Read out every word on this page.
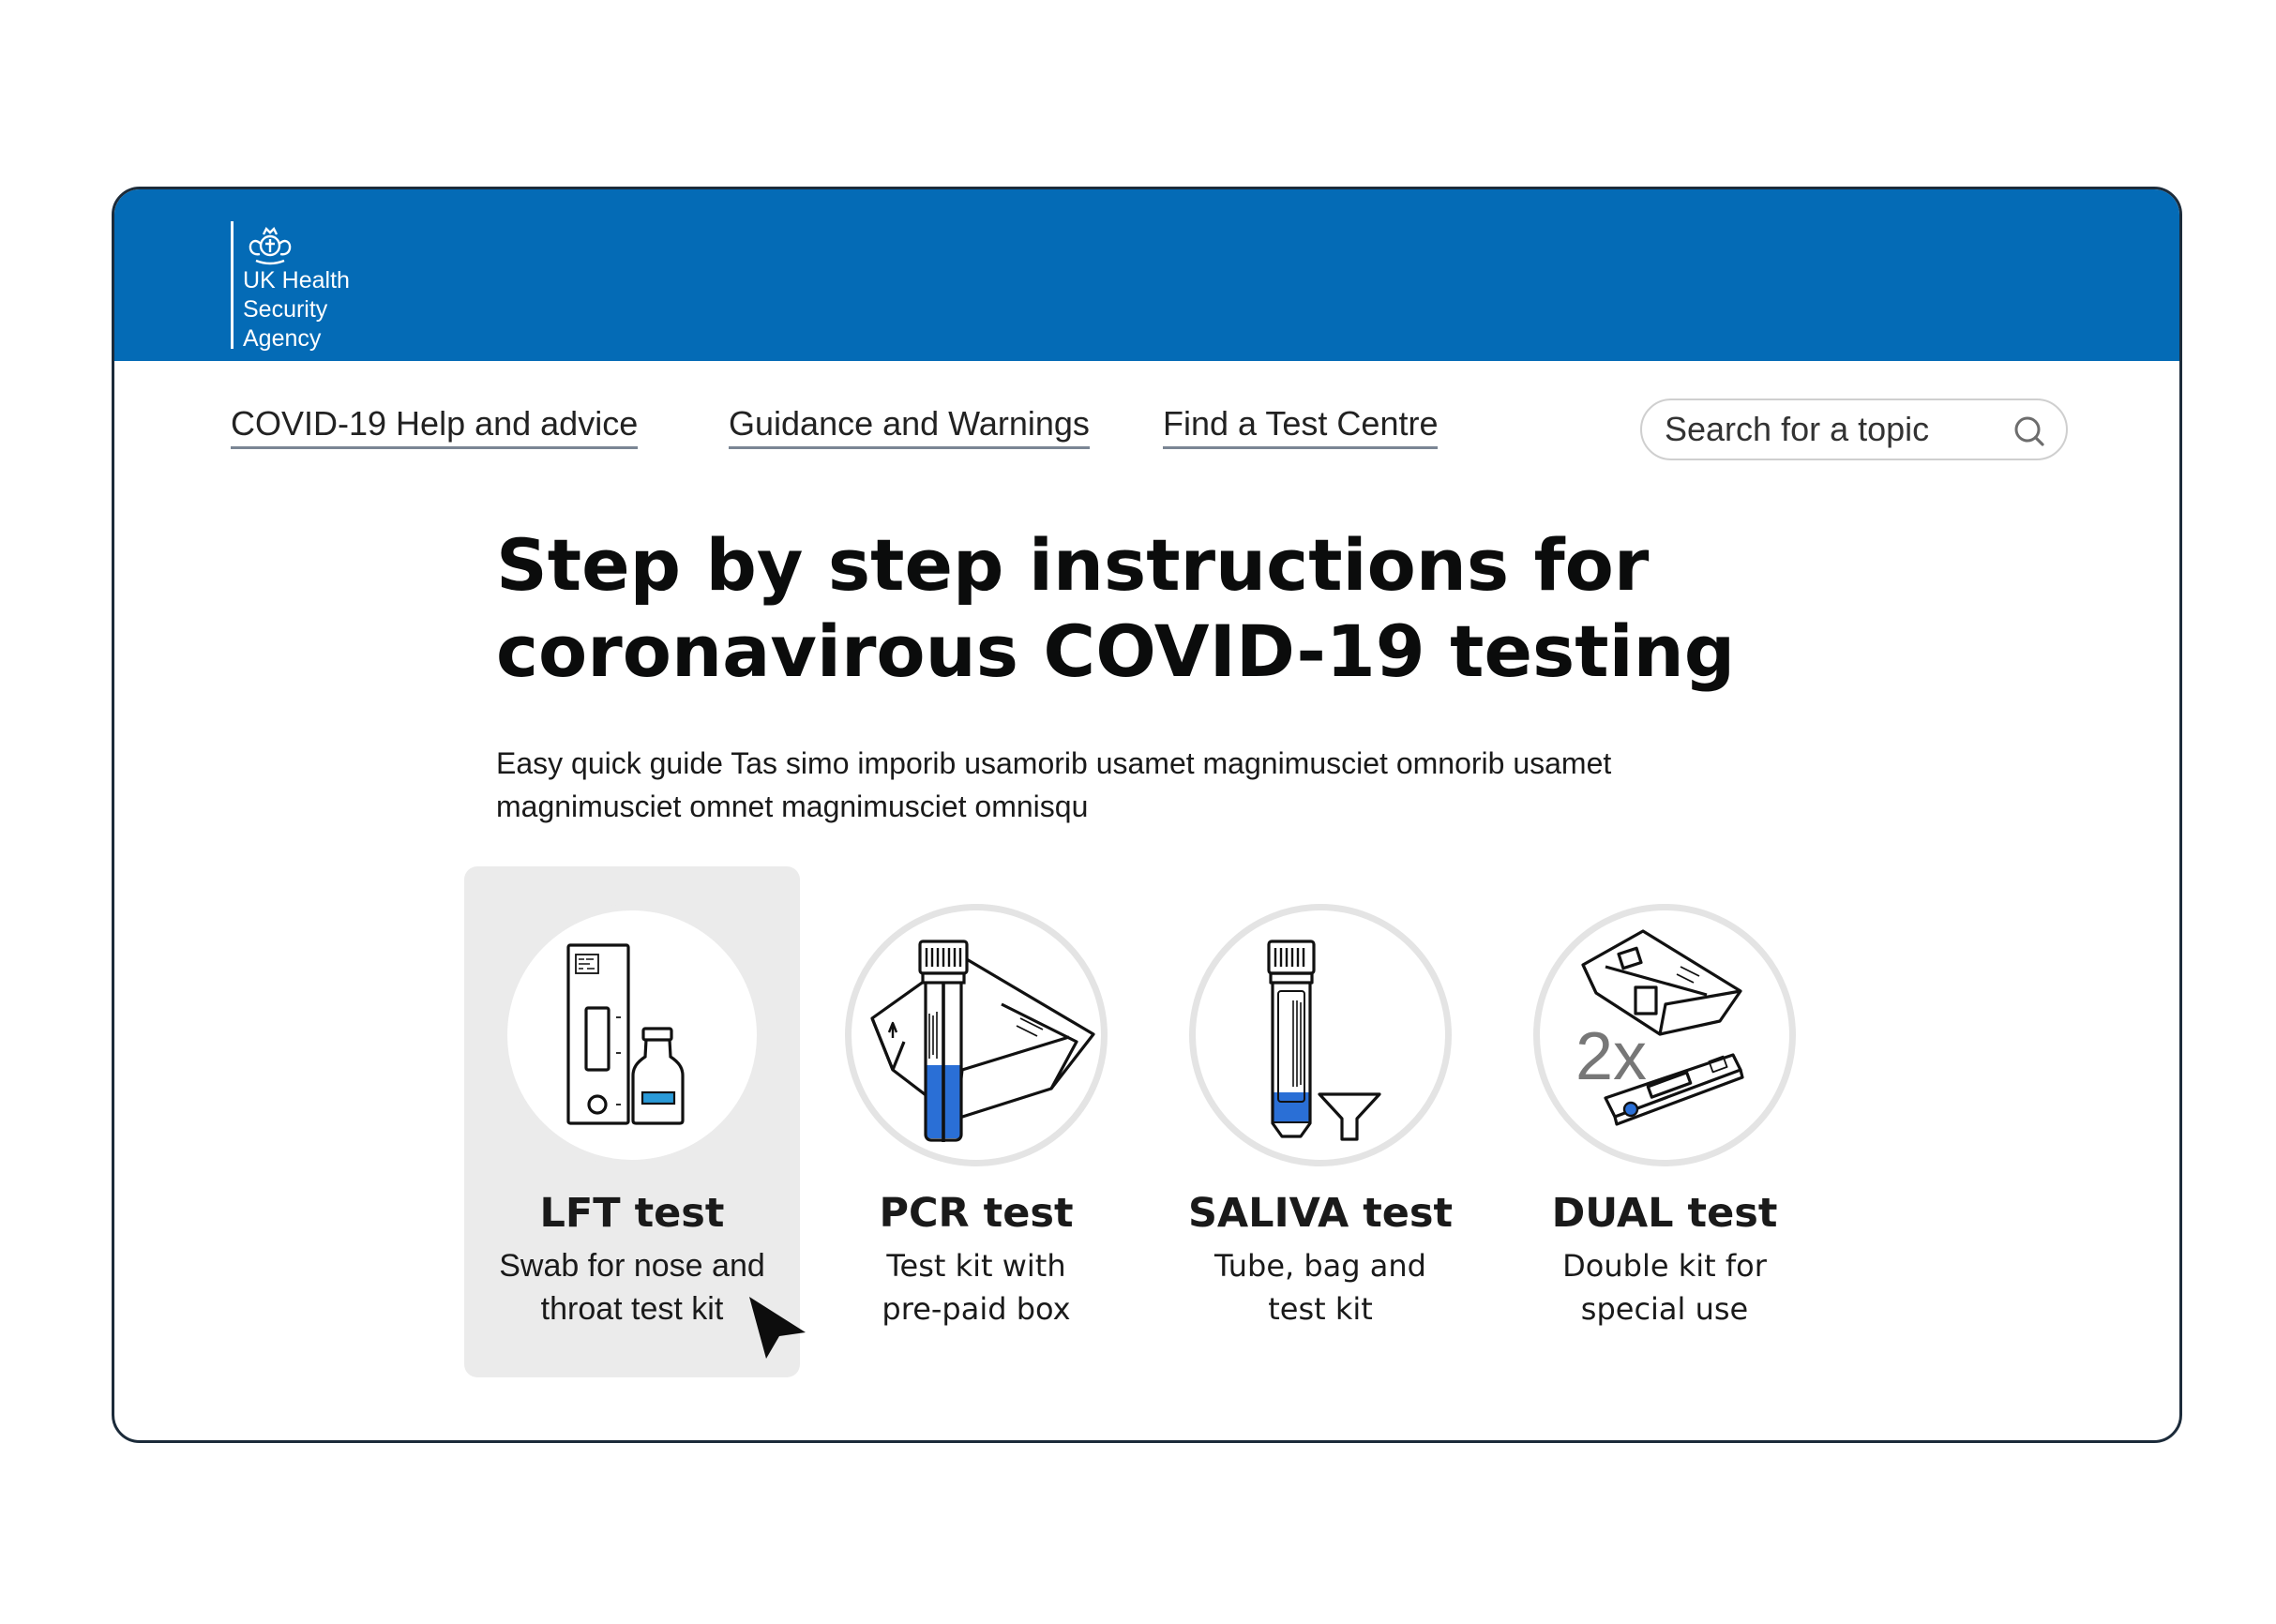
UK Health
Security
Agency
COVID-19 Help and advice	Guidance and Warnings Find a Test Centre
Search for a topic
Step by step instructions for
coronavirous COVID-19 testing

Easy quick guide Tas simo imporib usamorib usamet magnimusciet omnorib usamet
magnimusciet omnet magnimusciet omnisqu

LFT test
Swab for nose and
throat test kit
PCR test
Test kit with
pre-paid box
SALIVA test
Tube, bag and
test kit
2x
DUAL test
Double kit for
special use
